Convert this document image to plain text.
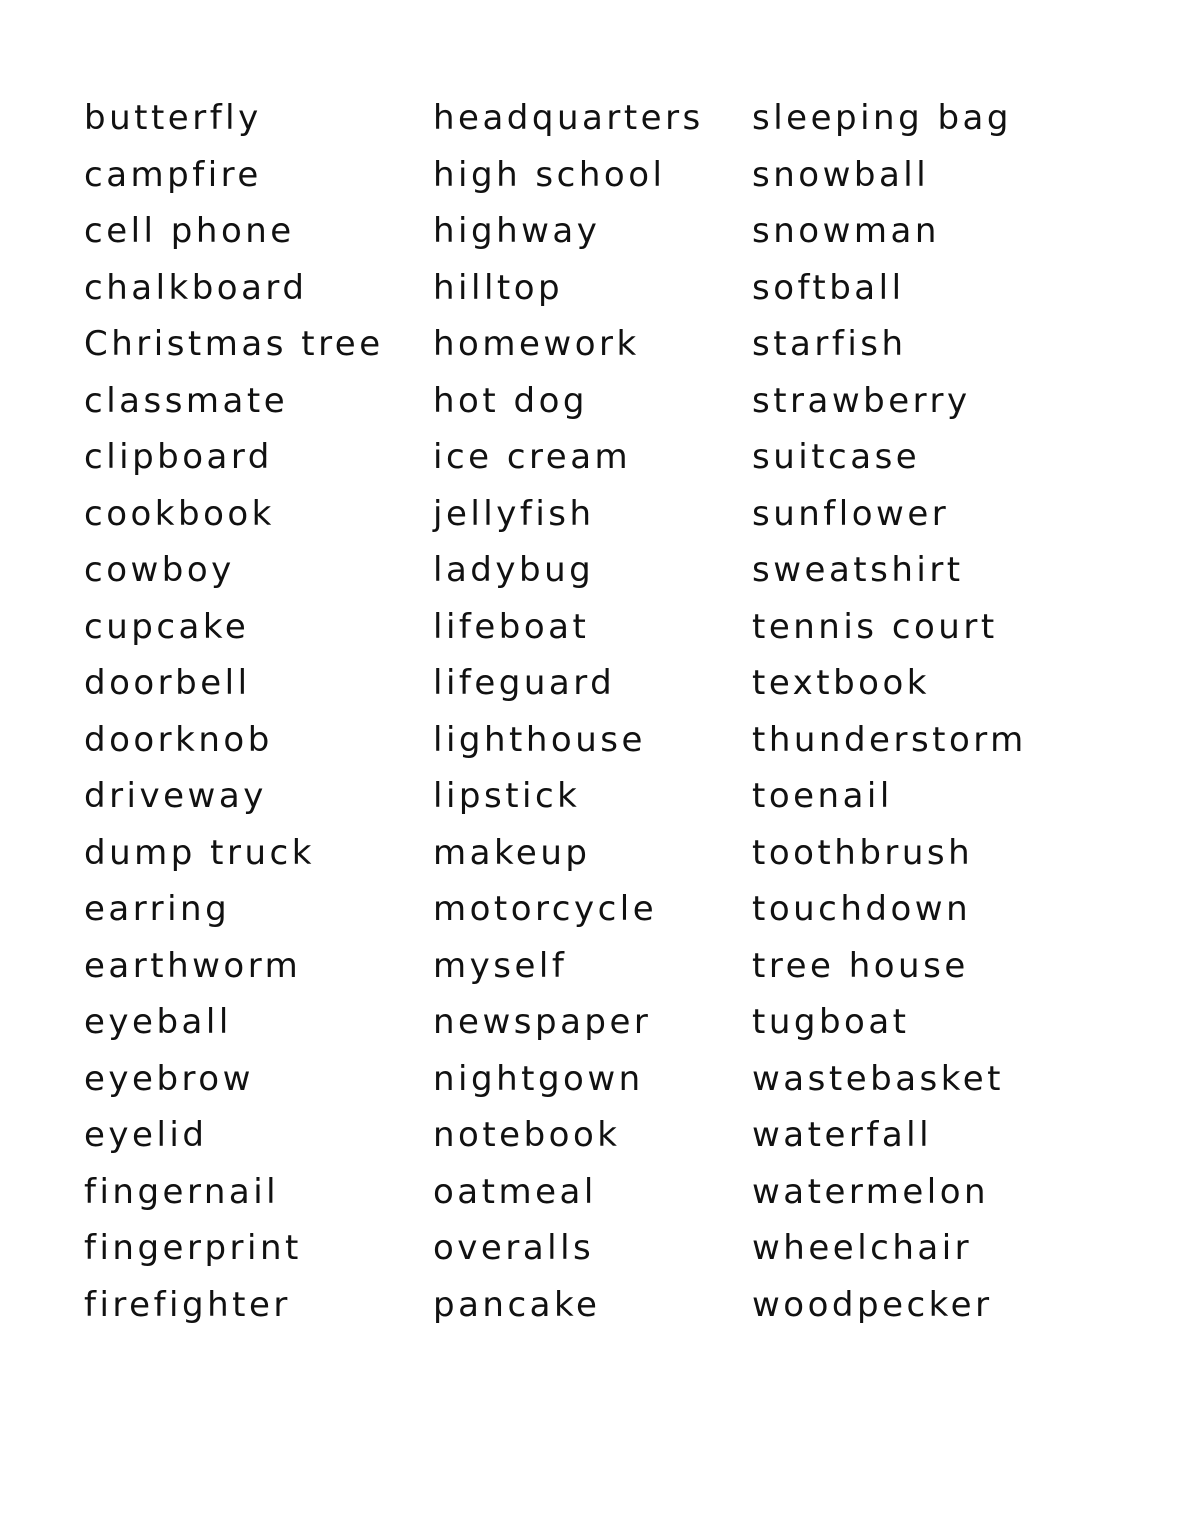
butterfly
campfire
cell phone
chalkboard
Christmas tree
classmate
clipboard
cookbook
cowboy
cupcake
doorbell
doorknob
driveway
dump truck
earring
earthworm
eyeball
eyebrow
eyelid
fingernail
fingerprint
firefighter
headquarters
high school
highway
hilltop
homework
hot dog
ice cream
jellyfish
ladybug
lifeboat
lifeguard
lighthouse
lipstick
makeup
motorcycle
myself
newspaper
nightgown
notebook
oatmeal
overalls
pancake
sleeping bag
snowball
snowman
softball
starfish
strawberry
suitcase
sunflower
sweatshirt
tennis court
textbook
thunderstorm
toenail
toothbrush
touchdown
tree house
tugboat
wastebasket
waterfall
watermelon
wheelchair
woodpecker
